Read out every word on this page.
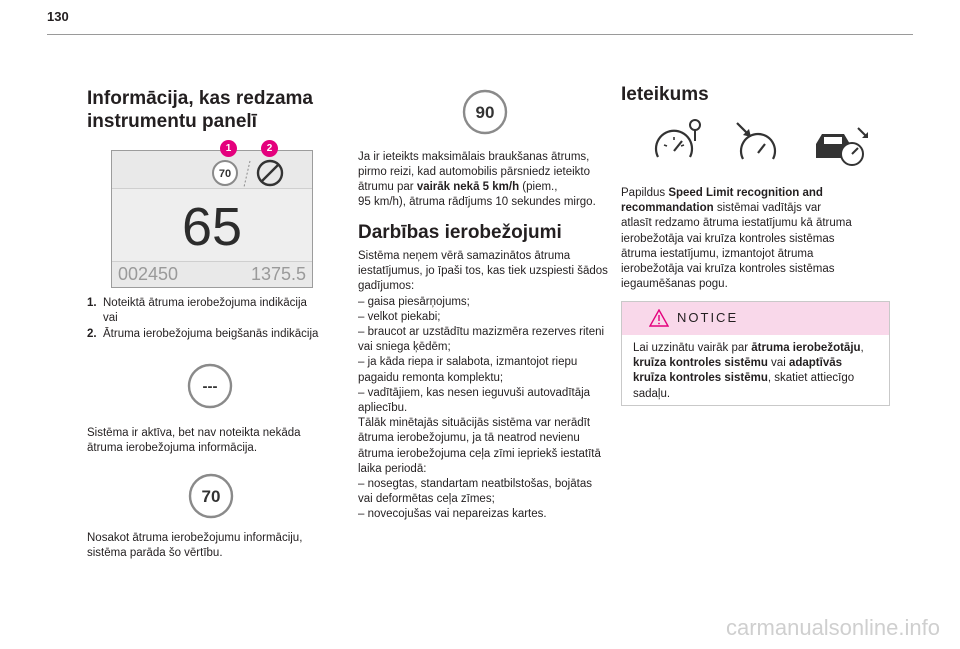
130
Informācija, kas redzama
instrumentu panelī
70
65
002450	1375.5
1	2
1. Noteiktā ātruma ierobežojuma indikācija
vai
2. Ātruma ierobežojuma beigšanās indikācija
---

Sistēma ir aktīva, bet nav noteikta nekāda

ātruma ierobežojuma informācija.

70

Nosakot ātruma ierobežojumu informāciju,

sistēma parāda šo vērtību.

90

Ja ir ieteikts maksimālais braukšanas ātrums,

pirmo reizi, kad automobilis pārsniedz ieteikto

ātrumu par vairāk nekā 5 km/h (piem.,

95 km/h), ātruma rādījums 10 sekundes mirgo.

Darbības ierobežojumi

Sistēma neņem vērā samazinātos ātruma

iestatījumus, jo īpaši tos, kas tiek uzspiesti šādos

gadījumos:

– gaisa piesārņojums;

– velkot piekabi;

– braucot ar uzstādītu mazizmēra rezerves riteni

vai sniega ķēdēm;

– ja kāda riepa ir salabota, izmantojot riepu

pagaidu remonta komplektu;

– vadītājiem, kas nesen ieguvuši autovadītāja

apliecību.

Tālāk minētajās situācijās sistēma var nerādīt

ātruma ierobežojumu, ja tā neatrod nevienu

ātruma ierobežojuma ceļa zīmi iepriekš iestatītā

laika periodā:

– nosegtas, standartam neatbilstošas, bojātas

vai deformētas ceļa zīmes;

– novecojušas vai nepareizas kartes.

Ieteikums

Papildus Speed Limit recognition and

recommandation sistēmai vadītājs var

atlasīt redzamo ātruma iestatījumu kā ātruma

ierobežotāja vai kruīza kontroles sistēmas

ātruma iestatījumu, izmantojot ātruma

ierobežotāja vai kruīza kontroles sistēmas

iegaumēšanas pogu.

NOTICE

Lai uzzinātu vairāk par ātruma ierobežotāju,

kruīza kontroles sistēmu vai adaptīvās

kruīza kontroles sistēmu, skatiet attiecīgo

sadaļu.

carmanualsonline.info
